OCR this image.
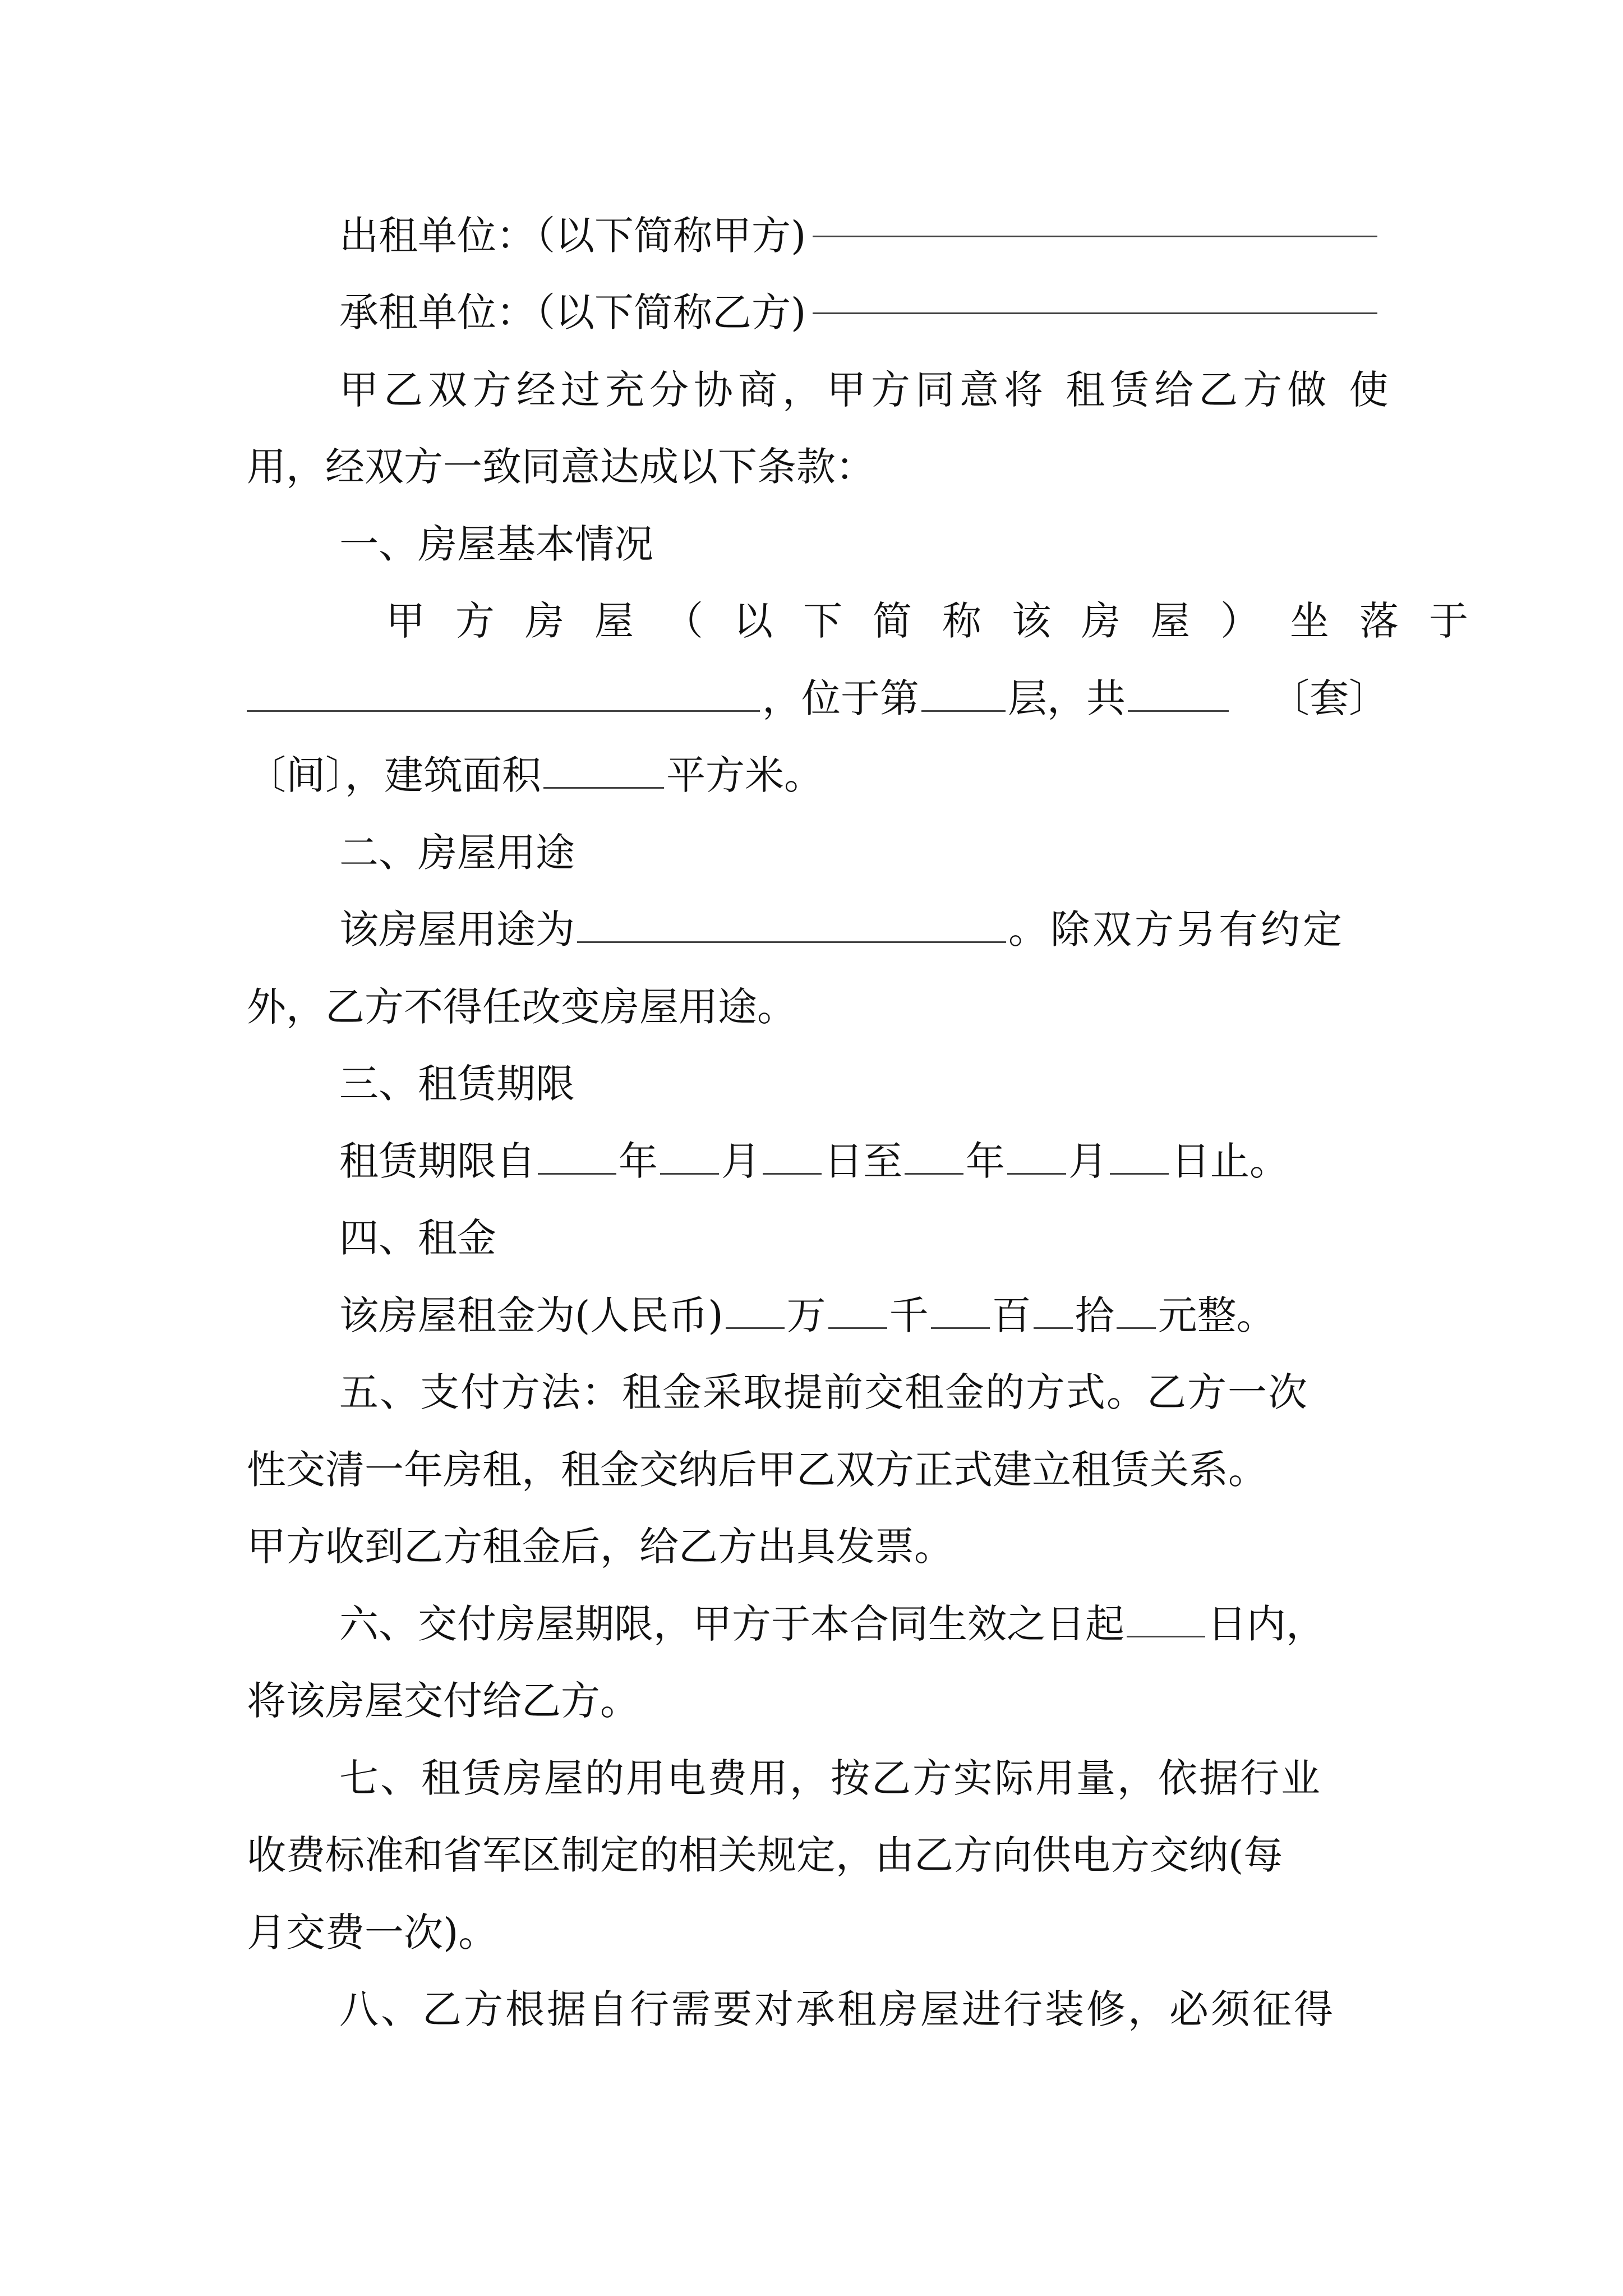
出租单位：（以下简称甲方)
承租单位：（以下简称乙方)
甲乙双方经过充分协商，甲方同意将 租赁给乙方做 使
用，经双方一致同意达成以下条款：
一、房屋基本情况
甲方房屋（以下简称该房屋）坐落于
，位于第 层，共	〔套〕
〔间〕，建筑面积	平方米。
二、房屋用途
该房屋用途为	。除双方另有约定
外，乙方不得任改变房屋用途。
三、租赁期限
租赁期限自 年 月 日至 年 月 日止。
四、租金
该房屋租金为(人民币) 万 千 百 拾 元整。
五、支付方法：租金采取提前交租金的方式。乙方一次
性交清一年房租，租金交纳后甲乙双方正式建立租赁关系。
甲方收到乙方租金后，给乙方出具发票。
六、交付房屋期限，甲方于本合同生效之日起 日内，
将该房屋交付给乙方。
七、租赁房屋的用电费用，按乙方实际用量，依据行业
收费标准和省军区制定的相关规定，由乙方向供电方交纳(每
月交费一次)。
八、乙方根据自行需要对承租房屋进行装修，必须征得
